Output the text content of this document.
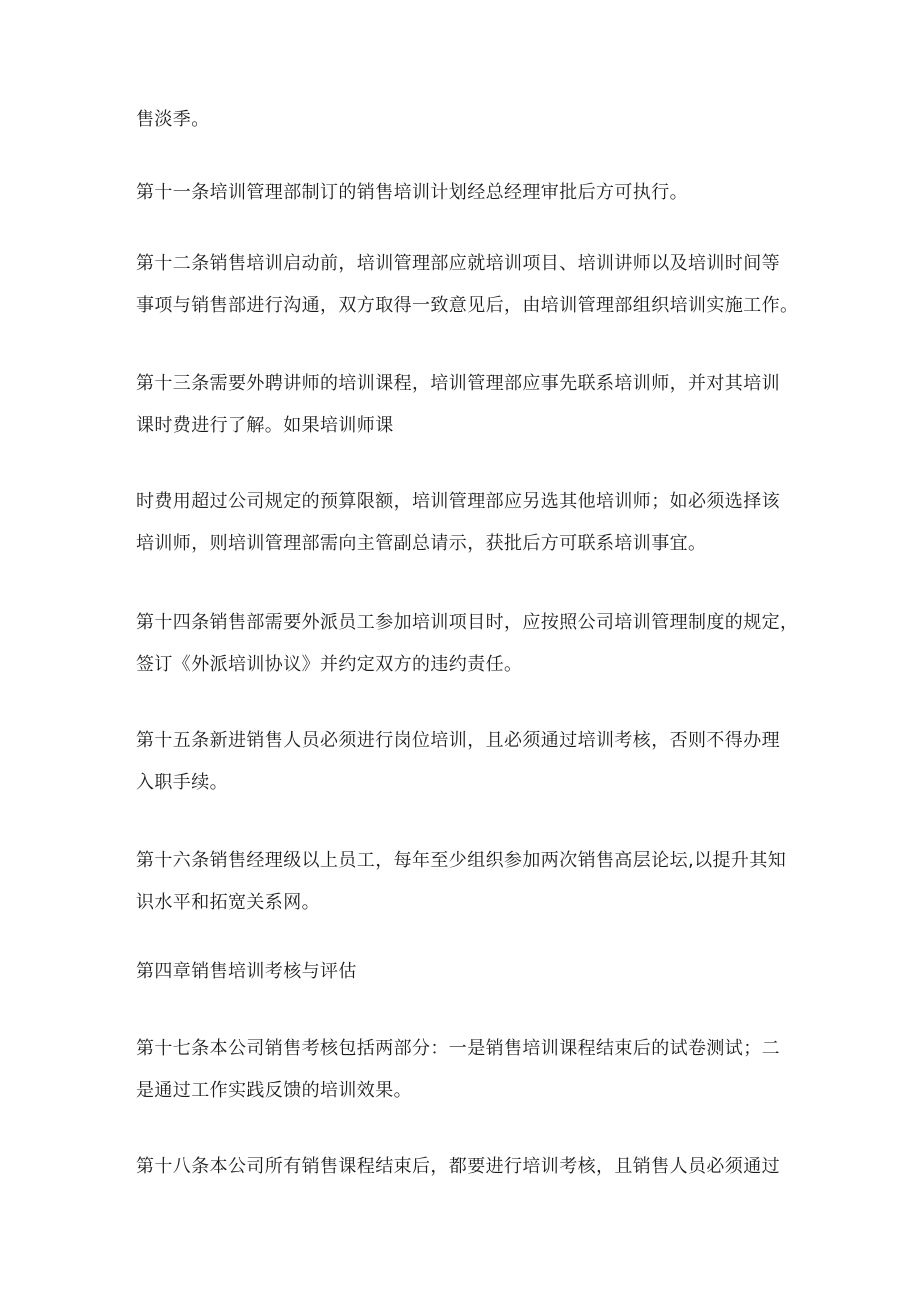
售淡季。

第十一条培训管理部制订的销售培训计划经总经理审批后方可执行。

第十二条销售培训启动前，培训管理部应就培训项目、培训讲师以及培训时间等
事项与销售部进行沟通，双方取得一致意见后，由培训管理部组织培训实施工作。

第十三条需要外聘讲师的培训课程，培训管理部应事先联系培训师，并对其培训
课时费进行了解。如果培训师课

时费用超过公司规定的预算限额，培训管理部应另选其他培训师；如必须选择该
培训师，则培训管理部需向主管副总请示，获批后方可联系培训事宜。

第十四条销售部需要外派员工参加培训项目时，应按照公司培训管理制度的规定，
签订《外派培训协议》并约定双方的违约责任。

第十五条新进销售人员必须进行岗位培训，且必须通过培训考核，否则不得办理
入职手续。

第十六条销售经理级以上员工，每年至少组织参加两次销售高层论坛,以提升其知
识水平和拓宽关系网。

第四章销售培训考核与评估

第十七条本公司销售考核包括两部分：一是销售培训课程结束后的试卷测试；二
是通过工作实践反馈的培训效果。

第十八条本公司所有销售课程结束后，都要进行培训考核，且销售人员必须通过
